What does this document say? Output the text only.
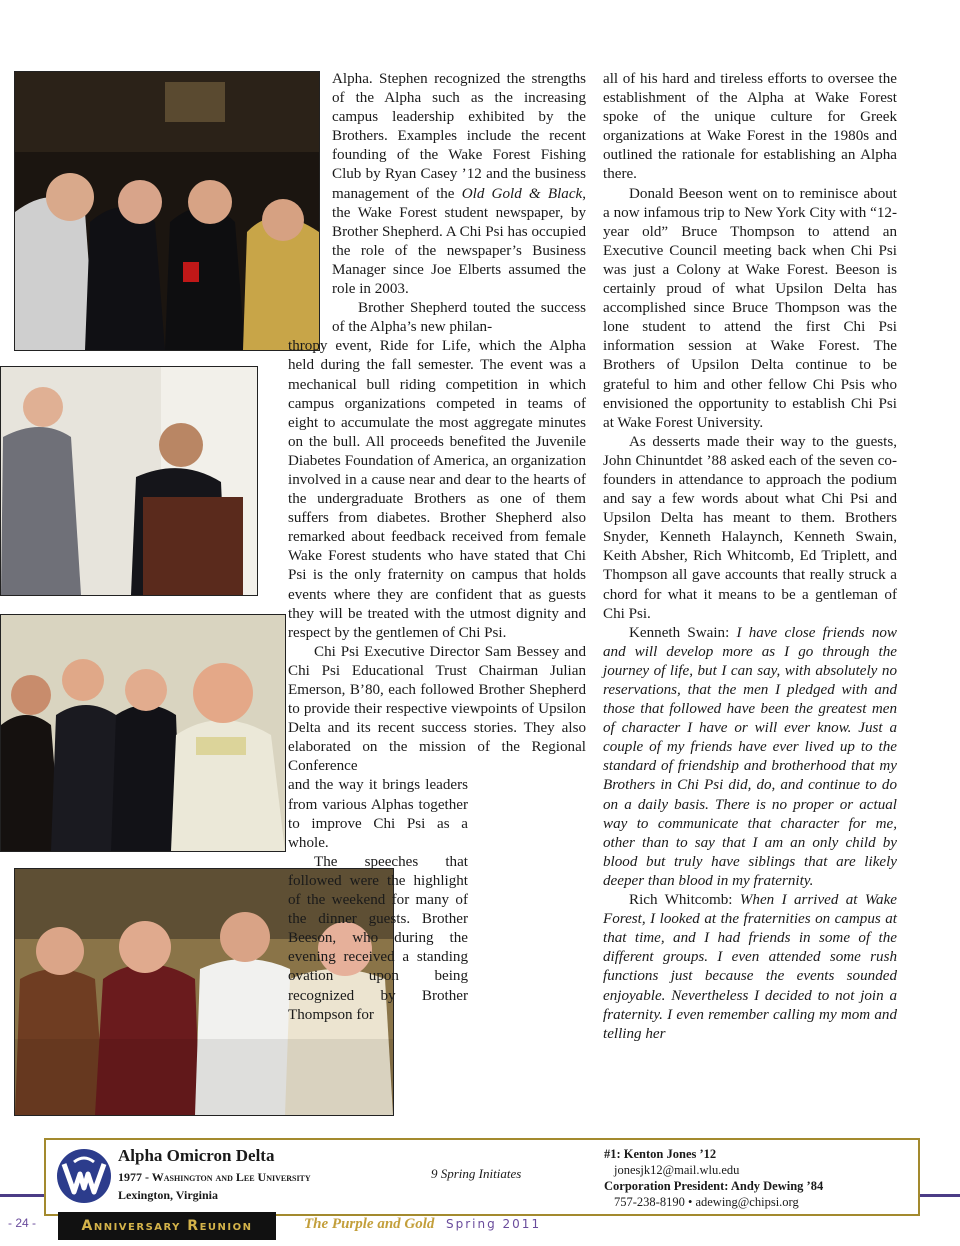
Alpha. Stephen recognized the strengths of the Alpha such as the increasing campus leadership exhibited by the Brothers. Examples include the recent founding of the Wake Forest Fishing Club by Ryan Casey ’12 and the business management of the Old Gold & Black, the Wake Forest student newspaper, by Brother Shepherd. A Chi Psi has occupied the role of the newspaper’s Business Manager since Joe Elberts assumed the role in 2003.

Brother Shepherd touted the success of the Alpha’s new philan-

thropy event, Ride for Life, which the Alpha held during the fall semester. The event was a mechanical bull riding competition in which campus organizations competed in teams of eight to accumulate the most aggregate minutes on the bull. All proceeds benefited the Juvenile Diabetes Foundation of America, an organization involved in a cause near and dear to the hearts of the undergraduate Brothers as one of them suffers from diabetes. Brother Shepherd also remarked about feedback received from female Wake Forest students who have stated that Chi Psi is the only fraternity on campus that holds events where they are confident that as guests they will be treated with the utmost dignity and respect by the gentlemen of Chi Psi.

Chi Psi Executive Director Sam Bessey and Chi Psi Educational Trust Chairman Julian Emerson, B’80, each followed Brother Shepherd to provide their respective viewpoints of Upsilon Delta and its recent success stories. They also elaborated on the mission of the Regional Conference

and the way it brings leaders from various Alphas together to improve Chi Psi as a whole.

The speeches that followed were the highlight of the weekend for many of the dinner guests. Brother Beeson, who during the evening received a standing ovation upon being recognized by Brother Thompson for

all of his hard and tireless efforts to oversee the establishment of the Alpha at Wake Forest spoke of the unique culture for Greek organizations at Wake Forest in the 1980s and outlined the rationale for establishing an Alpha there.

Donald Beeson went on to reminisce about a now infamous trip to New York City with “12-year old” Bruce Thompson to attend an Executive Council meeting back when Chi Psi was just a Colony at Wake Forest. Beeson is certainly proud of what Upsilon Delta has accomplished since Bruce Thompson was the lone student to attend the first Chi Psi information session at Wake Forest. The Brothers of Upsilon Delta continue to be grateful to him and other fellow Chi Psis who envisioned the opportunity to establish Chi Psi at Wake Forest University.

As desserts made their way to the guests, John Chinuntdet ’88 asked each of the seven co-founders in attendance to approach the podium and say a few words about what Chi Psi and Upsilon Delta has meant to them. Brothers Snyder, Kenneth Halaynch, Kenneth Swain, Keith Absher, Rich Whitcomb, Ed Triplett, and Thompson all gave accounts that really struck a chord for what it means to be a gentleman of Chi Psi.

Kenneth Swain: I have close friends now and will develop more as I go through the journey of life, but I can say, with absolutely no reservations, that the men I pledged with and those that followed have been the greatest men of character I have or will ever know. Just a couple of my friends have ever lived up to the standard of friendship and brotherhood that my Brothers in Chi Psi did, do, and continue to do on a daily basis. There is no proper or actual way to communicate that character for me, other than to say that I am an only child by blood but truly have siblings that are likely deeper than blood in my fraternity.

Rich Whitcomb: When I arrived at Wake Forest, I looked at the fraternities on campus at that time, and I had friends in some of the different groups. I even attended some rush functions just because the events sounded enjoyable. Nevertheless I decided to not join a fraternity. I even remember calling my mom and telling her

Alpha Omicron Delta
1977 - Washington and Lee University
Lexington, Virginia
9 Spring Initiates
#1: Kenton Jones ’12
jonesjk12@mail.wlu.edu
Corporation President: Andy Dewing ’84
757-238-8190 • adewing@chipsi.org
- 24 -	Anniversary Reunion	The Purple and Gold Spring 2011
